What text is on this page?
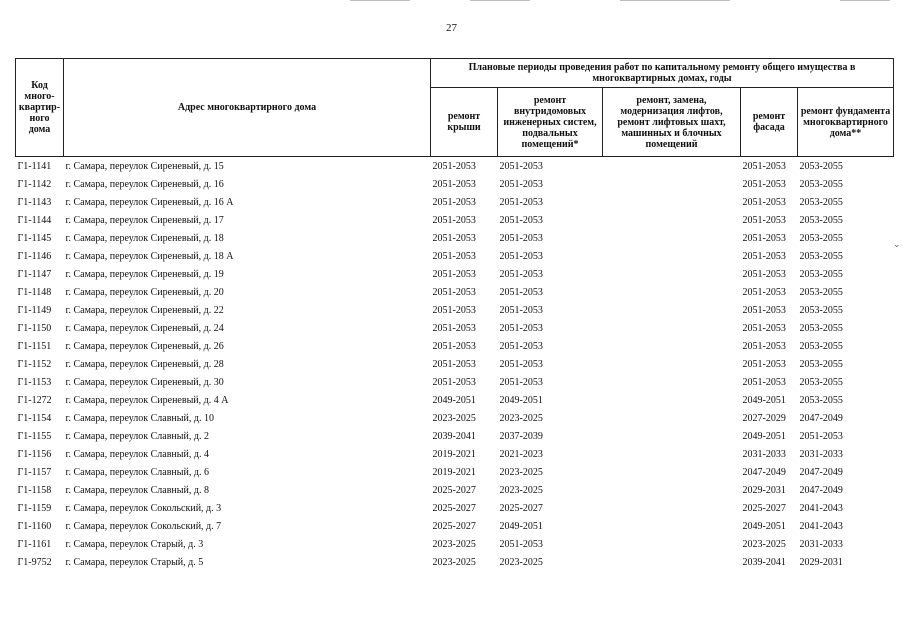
⌄
27
Код много-квартир-ного дома	Адрес многоквартирного дома	Плановые периоды проведения работ по капитальному ремонту общего имущества в многоквартирных домах, годы				
		ремонт крыши	ремонт внутридомовых инженерных систем, подвальных помещений*	ремонт, замена, модернизация лифтов, ремонт лифтовых шахт, машинных и блочных помещений	ремонт фасада	ремонт фундамента многоквартирного дома**
Г1-1141	г. Самара, переулок Сиреневый, д. 15	2051-2053	2051-2053		2051-2053	2053-2055
Г1-1142	г. Самара, переулок Сиреневый, д. 16	2051-2053	2051-2053		2051-2053	2053-2055
Г1-1143	г. Самара, переулок Сиреневый, д. 16 А	2051-2053	2051-2053		2051-2053	2053-2055
Г1-1144	г. Самара, переулок Сиреневый, д. 17	2051-2053	2051-2053		2051-2053	2053-2055
Г1-1145	г. Самара, переулок Сиреневый, д. 18	2051-2053	2051-2053		2051-2053	2053-2055
Г1-1146	г. Самара, переулок Сиреневый, д. 18 А	2051-2053	2051-2053		2051-2053	2053-2055
Г1-1147	г. Самара, переулок Сиреневый, д. 19	2051-2053	2051-2053		2051-2053	2053-2055
Г1-1148	г. Самара, переулок Сиреневый, д. 20	2051-2053	2051-2053		2051-2053	2053-2055
Г1-1149	г. Самара, переулок Сиреневый, д. 22	2051-2053	2051-2053		2051-2053	2053-2055
Г1-1150	г. Самара, переулок Сиреневый, д. 24	2051-2053	2051-2053		2051-2053	2053-2055
Г1-1151	г. Самара, переулок Сиреневый, д. 26	2051-2053	2051-2053		2051-2053	2053-2055
Г1-1152	г. Самара, переулок Сиреневый, д. 28	2051-2053	2051-2053		2051-2053	2053-2055
Г1-1153	г. Самара, переулок Сиреневый, д. 30	2051-2053	2051-2053		2051-2053	2053-2055
Г1-1272	г. Самара, переулок Сиреневый, д. 4 А	2049-2051	2049-2051		2049-2051	2053-2055
Г1-1154	г. Самара, переулок Славный, д. 10	2023-2025	2023-2025		2027-2029	2047-2049
Г1-1155	г. Самара, переулок Славный, д. 2	2039-2041	2037-2039		2049-2051	2051-2053
Г1-1156	г. Самара, переулок Славный, д. 4	2019-2021	2021-2023		2031-2033	2031-2033
Г1-1157	г. Самара, переулок Славный, д. 6	2019-2021	2023-2025		2047-2049	2047-2049
Г1-1158	г. Самара, переулок Славный, д. 8	2025-2027	2023-2025		2029-2031	2047-2049
Г1-1159	г. Самара, переулок Сокольский, д. 3	2025-2027	2025-2027		2025-2027	2041-2043
Г1-1160	г. Самара, переулок Сокольский, д. 7	2025-2027	2049-2051		2049-2051	2041-2043
Г1-1161	г. Самара, переулок Старый, д. 3	2023-2025	2051-2053		2023-2025	2031-2033
Г1-9752	г. Самара, переулок Старый, д. 5	2023-2025	2023-2025		2039-2041	2029-2031
